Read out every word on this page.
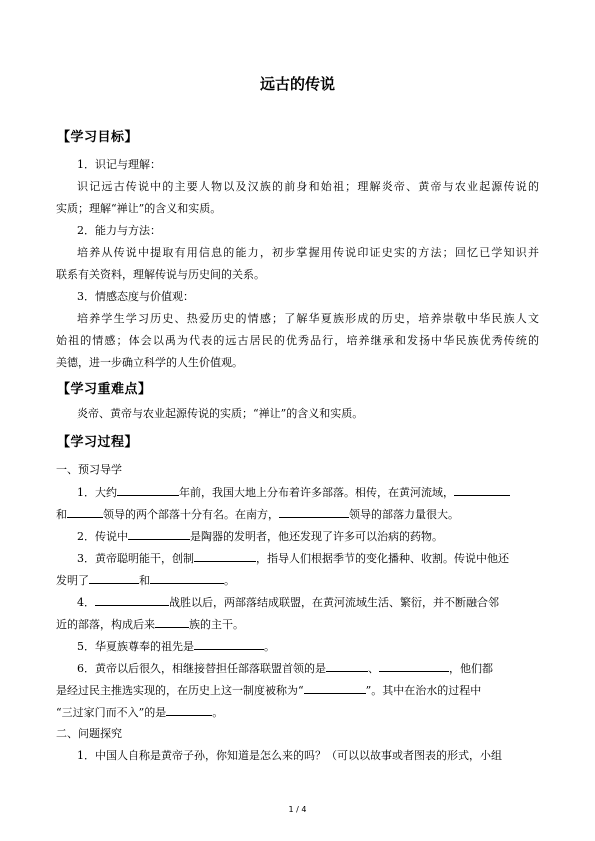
远古的传说
【学习目标】
1．识记与理解：
识记远古传说中的主要人物以及汉族的前身和始祖；理解炎帝、黄帝与农业起源传说的
实质；理解“禅让”的含义和实质。
2．能力与方法：
培养从传说中提取有用信息的能力，初步掌握用传说印证史实的方法；回忆已学知识并
联系有关资料，理解传说与历史间的关系。
3．情感态度与价值观：
培养学生学习历史、热爱历史的情感；了解华夏族形成的历史，培养崇敬中华民族人文
始祖的情感；体会以禹为代表的远古居民的优秀品行，培养继承和发扬中华民族优秀传统的
美德，进一步确立科学的人生价值观。
【学习重难点】
炎帝、黄帝与农业起源传说的实质；“禅让”的含义和实质。
【学习过程】
一、预习导学
1．大约	年前，我国大地上分布着许多部落。相传，在黄河流域，
和	领导的两个部落十分有名。在南方，	领导的部落力量很大。
2．传说中	是陶器的发明者，他还发现了许多可以治病的药物。
3．黄帝聪明能干，创制	，指导人们根据季节的变化播种、收割。传说中他还
发明了	和	。
4．	战胜以后，两部落结成联盟，在黄河流域生活、繁衍，并不断融合邻
近的部落，构成后来	族的主干。
5．华夏族尊奉的祖先是	。
6．黄帝以后很久，相继接替担任部落联盟首领的是	、	，他们都
是经过民主推选实现的，在历史上这一制度被称为“	”。其中在治水的过程中
“三过家门而不入”的是	。
二、问题探究
1．中国人自称是黄帝子孙，你知道是怎么来的吗？（可以以故事或者图表的形式，小组
1 / 4
